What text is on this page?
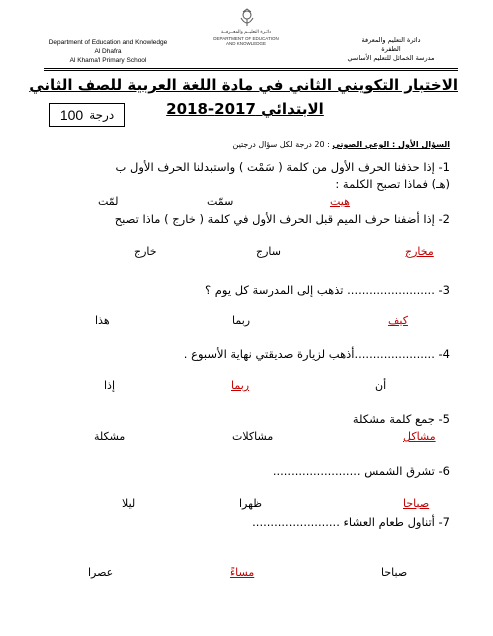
Department of Education and Knowledge
Al Dhafra
Al Khama'l Primary School
دائـرة التعليــم والمعــرفــة
DEPARTMENT OF EDUCATION
AND KNOWLEDGE	دائرة التعليم والمعرفة
الظفرة
مدرسة الخمائل للتعليم الأساسي
الاختبار التكويني الثاني في مادة اللغة العربية للصف الثاني
الابتدائي 2017-2018
درجة
100
السؤال الأول : الوعي الصوتي : 20 درجة لكل سؤال درجتين
1- إذا حذفنا الحرف الأول من كلمة ( سَمْت ) واستبدلنا الحرف الأول ب
(هـ) فماذا تصبح الكلمة :
هيت
سمّت
لمّت
2- إذا أضفنا حرف الميم قبل الحرف الأول في كلمة ( خارج ) ماذا تصبح
مخارج
سارج
خارج
3- ........................ تذهب إلى المدرسة كل يوم ؟
كيف
ربما
هذا
4- ......................أذهب لزيارة صديقتي نهاية الأسبوع .
أن
ربما
إذا
5- جمع كلمة مشكلة
مشاكل
مشاكلات
مشكلة
6- تشرق الشمس ........................
صباحا
ظهرا
ليلا
7- أتناول طعام العشاء ........................
صباحا
مساءً
عصرا
